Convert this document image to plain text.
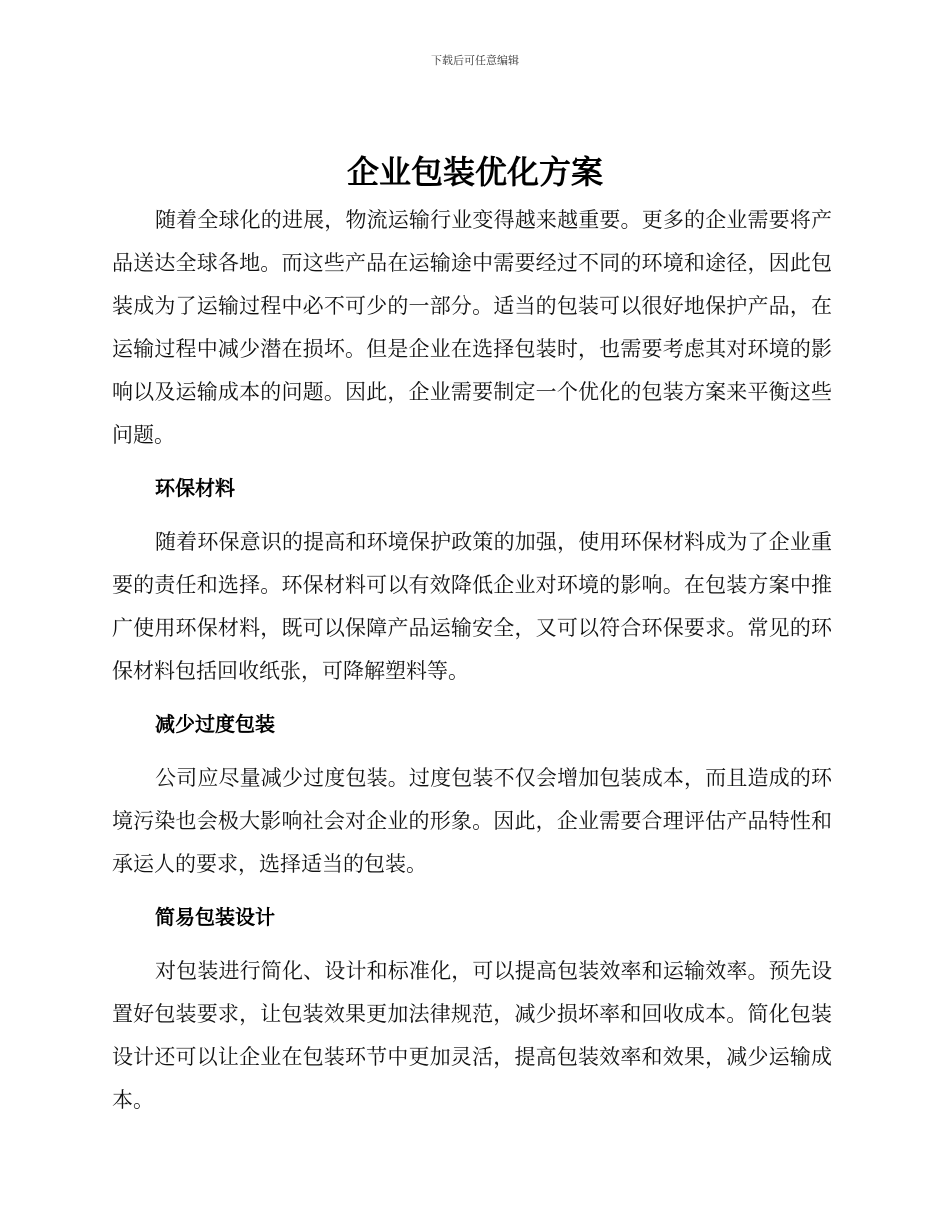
下载后可任意编辑
企业包装优化方案

随着全球化的进展，物流运输行业变得越来越重要。更多的企业需要将产品送达全球各地。而这些产品在运输途中需要经过不同的环境和途径，因此包装成为了运输过程中必不可少的一部分。适当的包装可以很好地保护产品，在运输过程中减少潜在损坏。但是企业在选择包装时，也需要考虑其对环境的影响以及运输成本的问题。因此，企业需要制定一个优化的包装方案来平衡这些问题。

环保材料

随着环保意识的提高和环境保护政策的加强，使用环保材料成为了企业重要的责任和选择。环保材料可以有效降低企业对环境的影响。在包装方案中推广使用环保材料，既可以保障产品运输安全，又可以符合环保要求。常见的环保材料包括回收纸张，可降解塑料等。

减少过度包装

公司应尽量减少过度包装。过度包装不仅会增加包装成本，而且造成的环境污染也会极大影响社会对企业的形象。因此，企业需要合理评估产品特性和承运人的要求，选择适当的包装。

简易包装设计

对包装进行简化、设计和标准化，可以提高包装效率和运输效率。预先设置好包装要求，让包装效果更加法律规范，减少损坏率和回收成本。简化包装设计还可以让企业在包装环节中更加灵活，提高包装效率和效果，减少运输成本。
